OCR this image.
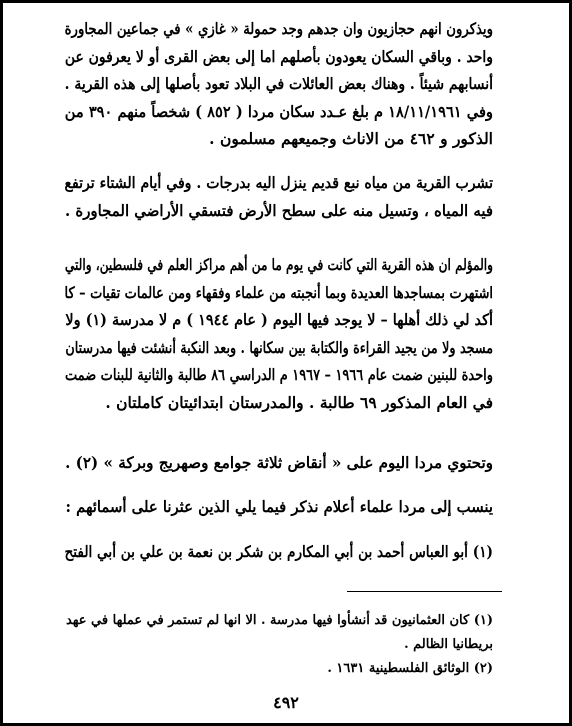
ويذكرون انهم حجازيون وان جدهم وجد حمولة « غازي » في جماعين المجاورة
واحد . وباقي السكان يعودون بأصلهم اما إلى بعض القرى أو لا يعرفون عن
أنسابهم شيئاً . وهناك بعض العائلات في البلاد تعود بأصلها إلى هذه القرية .
وفي ١٨/١١/١٩٦١ م بلغ عـدد سكان مردا ( ٨٥٢ ) شخصاً منهم ٣٩٠ من
الذكور و ٤٦٢ من الاناث وجميعهم مسلمون .
تشرب القرية من مياه نبع قديم ينزل اليه بدرجات . وفي أيام الشتاء ترتفع
فيه المياه ، وتسيل منه على سطح الأرض فتسقي الأراضي المجاورة .
والمؤلم ان هذه القرية التي كانت في يوم ما من أهم مراكز العلم في فلسطين، والتي
اشتهرت بمساجدها العديدة وبما أنجبته من علماء وفقهاء ومن عالمات تقيات – كا
أكد لي ذلك أهلها – لا يوجد فيها اليوم ( عام ١٩٤٤ ) م لا مدرسة (١) ولا
مسجد ولا من يجيد القراءة والكتابة بين سكانها . وبعد النكبة أنشئت فيها مدرستان
واحدة للبنين ضمت عام ١٩٦٦ – ١٩٦٧ م الدراسي ٨٦ طالبة والثانية للبنات ضمت
في العام المذكور ٦٩ طالبة . والمدرستان ابتدائيتان كاملتان .
وتحتوي مردا اليوم على « أنقاض ثلاثة جوامع وصهريج وبركة » (٢) .
ينسب إلى مردا علماء أعلام نذكر فيما يلي الذين عثرنا على أسمائهم :
(١) أبو العباس أحمد بن أبي المكارم بن شكر بن نعمة بن علي بن أبي الفتح
(١) كان العثمانيون قد أنشأوا فيها مدرسة . الا انها لم تستمر في عملها في عهد
بريطانيا الظالم .
(٢) الوثائق الفلسطينية ١٦٣١ .
٤٩٢
